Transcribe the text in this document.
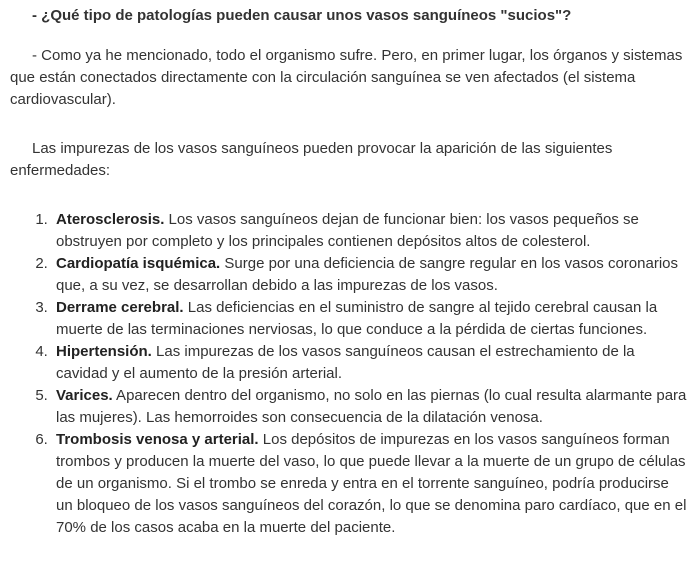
- ¿Qué tipo de patologías pueden causar unos vasos sanguíneos "sucios"?

- Como ya he mencionado, todo el organismo sufre. Pero, en primer lugar, los órganos y sistemas que están conectados directamente con la circulación sanguínea se ven afectados (el sistema cardiovascular).

Las impurezas de los vasos sanguíneos pueden provocar la aparición de las siguientes enfermedades:

1. Aterosclerosis. Los vasos sanguíneos dejan de funcionar bien: los vasos pequeños se obstruyen por completo y los principales contienen depósitos altos de colesterol.
2. Cardiopatía isquémica. Surge por una deficiencia de sangre regular en los vasos coronarios que, a su vez, se desarrollan debido a las impurezas de los vasos.
3. Derrame cerebral. Las deficiencias en el suministro de sangre al tejido cerebral causan la muerte de las terminaciones nerviosas, lo que conduce a la pérdida de ciertas funciones.
4. Hipertensión. Las impurezas de los vasos sanguíneos causan el estrechamiento de la cavidad y el aumento de la presión arterial.
5. Varices. Aparecen dentro del organismo, no solo en las piernas (lo cual resulta alarmante para las mujeres). Las hemorroides son consecuencia de la dilatación venosa.
6. Trombosis venosa y arterial. Los depósitos de impurezas en los vasos sanguíneos forman trombos y producen la muerte del vaso, lo que puede llevar a la muerte de un grupo de células de un organismo. Si el trombo se enreda y entra en el torrente sanguíneo, podría producirse un bloqueo de los vasos sanguíneos del corazón, lo que se denomina paro cardíaco, que en el 70% de los casos acaba en la muerte del paciente.
